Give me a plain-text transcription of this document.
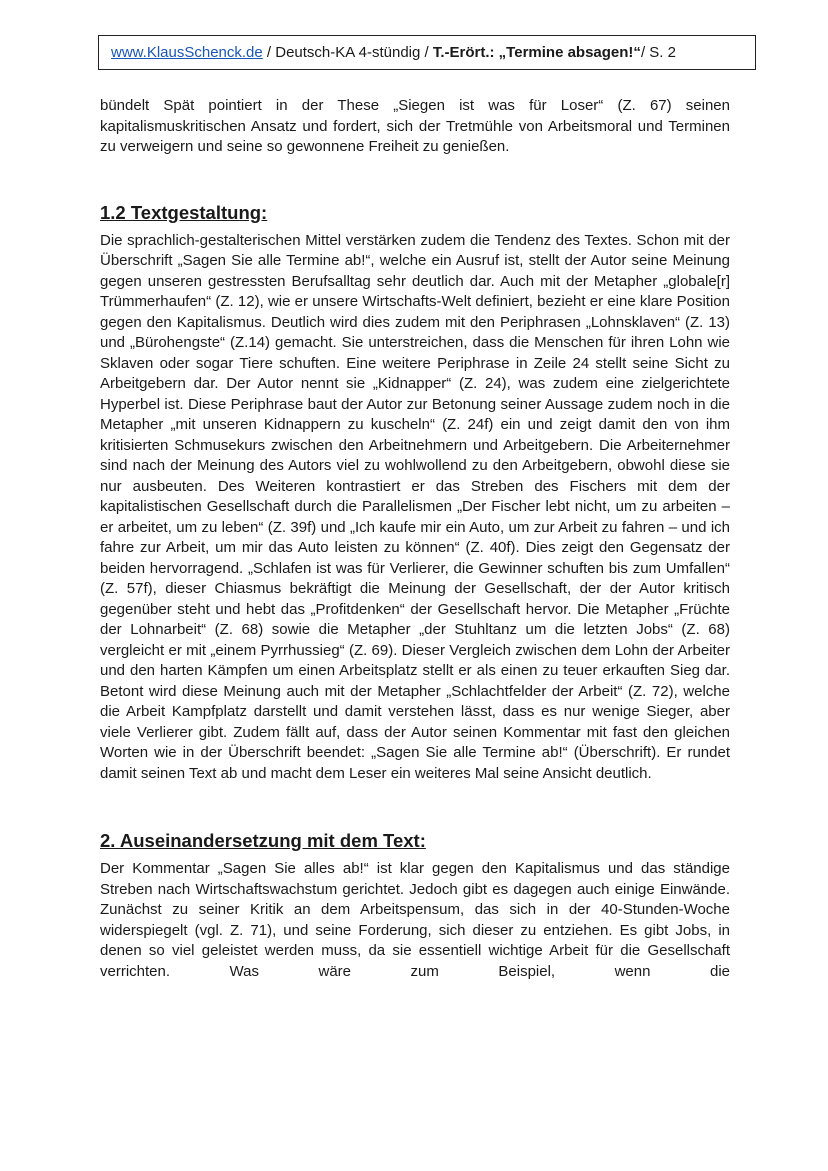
www.KlausSchenck.de / Deutsch-KA 4-stündig / T.-Erört.: „Termine absagen!“/ S. 2

bündelt Spät pointiert in der These „Siegen ist was für Loser“ (Z. 67) seinen kapitalismuskritischen Ansatz und fordert, sich der Tretmühle von Arbeitsmoral und Terminen zu verweigern und seine so gewonnene Freiheit zu genießen.

1.2 Textgestaltung:

Die sprachlich-gestalterischen Mittel verstärken zudem die Tendenz des Textes. Schon mit der Überschrift „Sagen Sie alle Termine ab!“, welche ein Ausruf ist, stellt der Autor seine Meinung gegen unseren gestressten Berufsalltag sehr deutlich dar. Auch mit der Metapher „globale[r] Trümmerhaufen“ (Z. 12), wie er unsere Wirtschafts-Welt definiert, bezieht er eine klare Position gegen den Kapitalismus. Deutlich wird dies zudem mit den Periphrasen „Lohnsklaven“ (Z. 13) und „Bürohengste“ (Z.14) gemacht. Sie unterstreichen, dass die Menschen für ihren Lohn wie Sklaven oder sogar Tiere schuften. Eine weitere Periphrase in Zeile 24 stellt seine Sicht zu Arbeitgebern dar. Der Autor nennt sie „Kidnapper“ (Z. 24), was zudem eine zielgerichtete Hyperbel ist. Diese Periphrase baut der Autor zur Betonung seiner Aussage zudem noch in die Metapher „mit unseren Kidnappern zu kuscheln“ (Z. 24f) ein und zeigt damit den von ihm kritisierten Schmusekurs zwischen den Arbeitnehmern und Arbeitgebern. Die Arbeiternehmer sind nach der Meinung des Autors viel zu wohlwollend zu den Arbeitgebern, obwohl diese sie nur ausbeuten. Des Weiteren kontrastiert er das Streben des Fischers mit dem der kapitalistischen Gesellschaft durch die Parallelismen „Der Fischer lebt nicht, um zu arbeiten – er arbeitet, um zu leben“ (Z. 39f) und „Ich kaufe mir ein Auto, um zur Arbeit zu fahren – und ich fahre zur Arbeit, um mir das Auto leisten zu können“ (Z. 40f). Dies zeigt den Gegensatz der beiden hervorragend. „Schlafen ist was für Verlierer, die Gewinner schuften bis zum Umfallen“ (Z. 57f), dieser Chiasmus bekräftigt die Meinung der Gesellschaft, der der Autor kritisch gegenüber steht und hebt das „Profitdenken“ der Gesellschaft hervor. Die Metapher „Früchte der Lohnarbeit“ (Z. 68) sowie die Metapher „der Stuhltanz um die letzten Jobs“ (Z. 68) vergleicht er mit „einem Pyrrhussieg“ (Z. 69). Dieser Vergleich zwischen dem Lohn der Arbeiter und den harten Kämpfen um einen Arbeitsplatz stellt er als einen zu teuer erkauften Sieg dar. Betont wird diese Meinung auch mit der Metapher „Schlachtfelder der Arbeit“ (Z. 72), welche die Arbeit Kampfplatz darstellt und damit verstehen lässt, dass es nur wenige Sieger, aber viele Verlierer gibt. Zudem fällt auf, dass der Autor seinen Kommentar mit fast den gleichen Worten wie in der Überschrift beendet: „Sagen Sie alle Termine ab!“ (Überschrift). Er rundet damit seinen Text ab und macht dem Leser ein weiteres Mal seine Ansicht deutlich.

2. Auseinandersetzung mit dem Text:

Der Kommentar „Sagen Sie alles ab!“ ist klar gegen den Kapitalismus und das ständige Streben nach Wirtschaftswachstum gerichtet. Jedoch gibt es dagegen auch einige Einwände. Zunächst zu seiner Kritik an dem Arbeitspensum, das sich in der 40-Stunden-Woche widerspiegelt (vgl. Z. 71), und seine Forderung, sich dieser zu entziehen. Es gibt Jobs, in denen so viel geleistet werden muss, da sie essentiell wichtige Arbeit für die Gesellschaft verrichten. Was wäre zum Beispiel, wenn die
